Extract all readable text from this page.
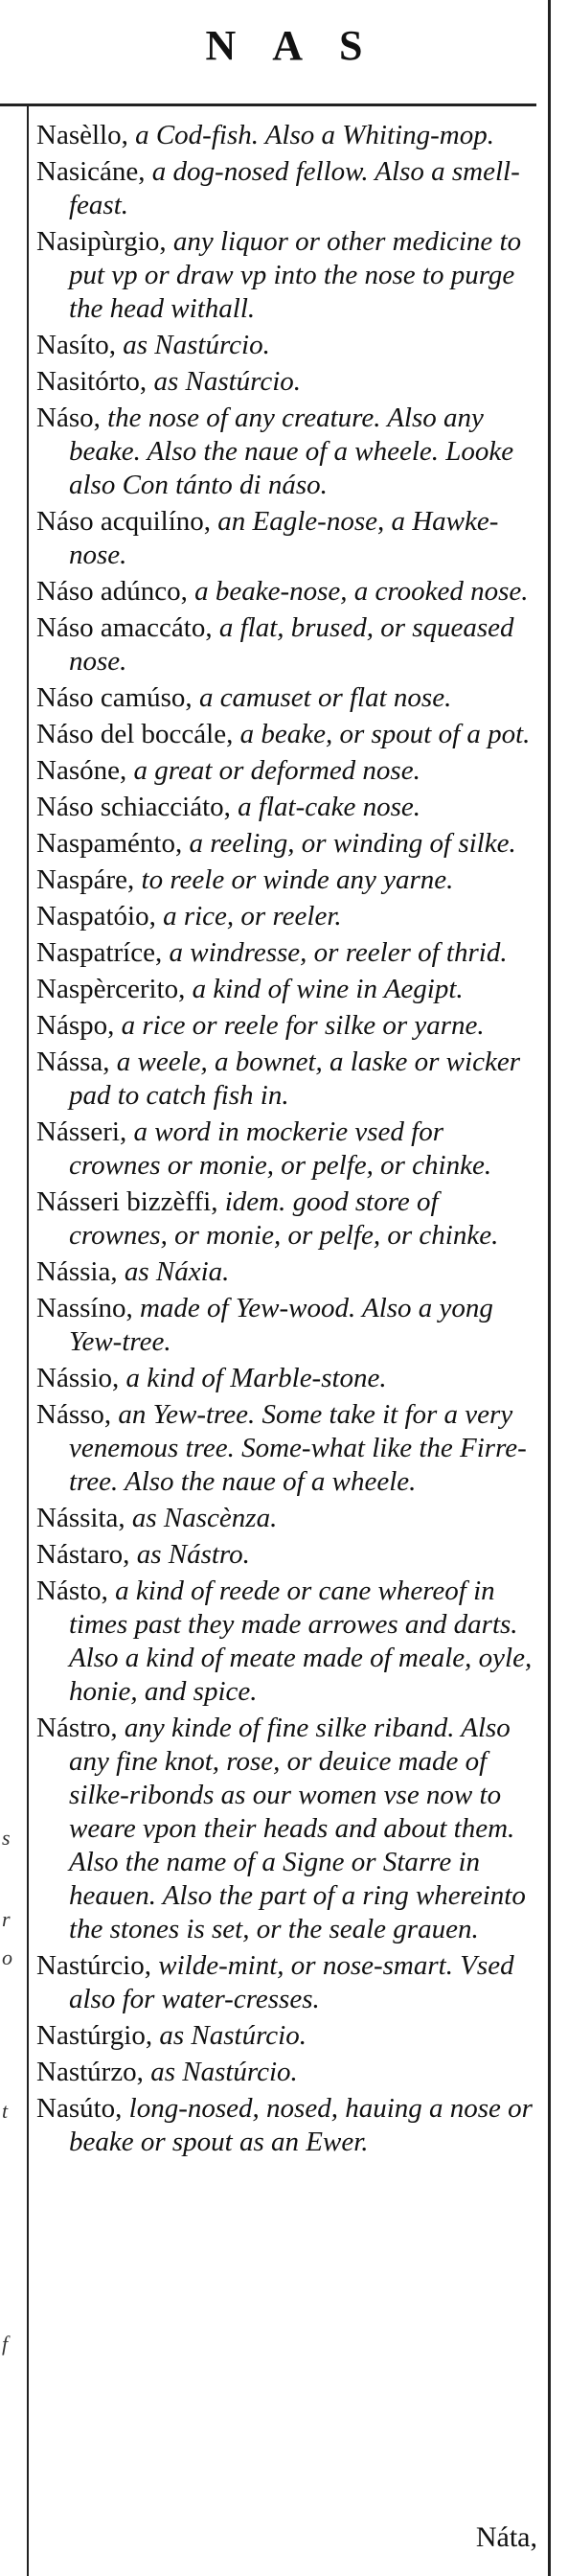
NAS
s
r
o
t
f
Nasèllo, a Cod-fish. Also a Whiting-mop.
Nasicáne, a dog-nosed fellow. Also a smell-feast.
Nasipùrgio, any liquor or other medicine to put vp or draw vp into the nose to purge the head withall.
Nasíto, as Nastúrcio.
Nasitórto, as Nastúrcio.
Náso, the nose of any creature. Also any beake. Also the naue of a wheele. Looke also Con tánto di náso.
Náso acquilíno, an Eagle-nose, a Hawke-nose.
Náso adúnco, a beake-nose, a crooked nose.
Náso amaccáto, a flat, brused, or squeased nose.
Náso camúso, a camuset or flat nose.
Náso del boccále, a beake, or spout of a pot.
Nasóne, a great or deformed nose.
Náso schiacciáto, a flat-cake nose.
Naspaménto, a reeling, or winding of silke.
Naspáre, to reele or winde any yarne.
Naspatóio, a rice, or reeler.
Naspatríce, a windresse, or reeler of thrid.
Naspèrcerito, a kind of wine in Aegipt.
Náspo, a rice or reele for silke or yarne.
Nássa, a weele, a bownet, a laske or wicker pad to catch fish in.
Násseri, a word in mockerie vsed for crownes or monie, or pelfe, or chinke.
Násseri bizzèffi, idem. good store of crownes, or monie, or pelfe, or chinke.
Nássia, as Náxia.
Nassíno, made of Yew-wood. Also a yong Yew-tree.
Nássio, a kind of Marble-stone.
Násso, an Yew-tree. Some take it for a very venemous tree. Some-what like the Firre-tree. Also the naue of a wheele.
Nássita, as Nascènza.
Nástaro, as Nástro.
Násto, a kind of reede or cane whereof in times past they made arrowes and darts. Also a kind of meate made of meale, oyle, honie, and spice.
Nástro, any kinde of fine silke riband. Also any fine knot, rose, or deuice made of silke-ribonds as our women vse now to weare vpon their heads and about them. Also the name of a Signe or Starre in heauen. Also the part of a ring whereinto the stones is set, or the seale grauen.
Nastúrcio, wilde-mint, or nose-smart. Vsed also for water-cresses.
Nastúrgio, as Nastúrcio.
Nastúrzo, as Nastúrcio.
Nasúto, long-nosed, nosed, hauing a nose or beake or spout as an Ewer.
Náta,
